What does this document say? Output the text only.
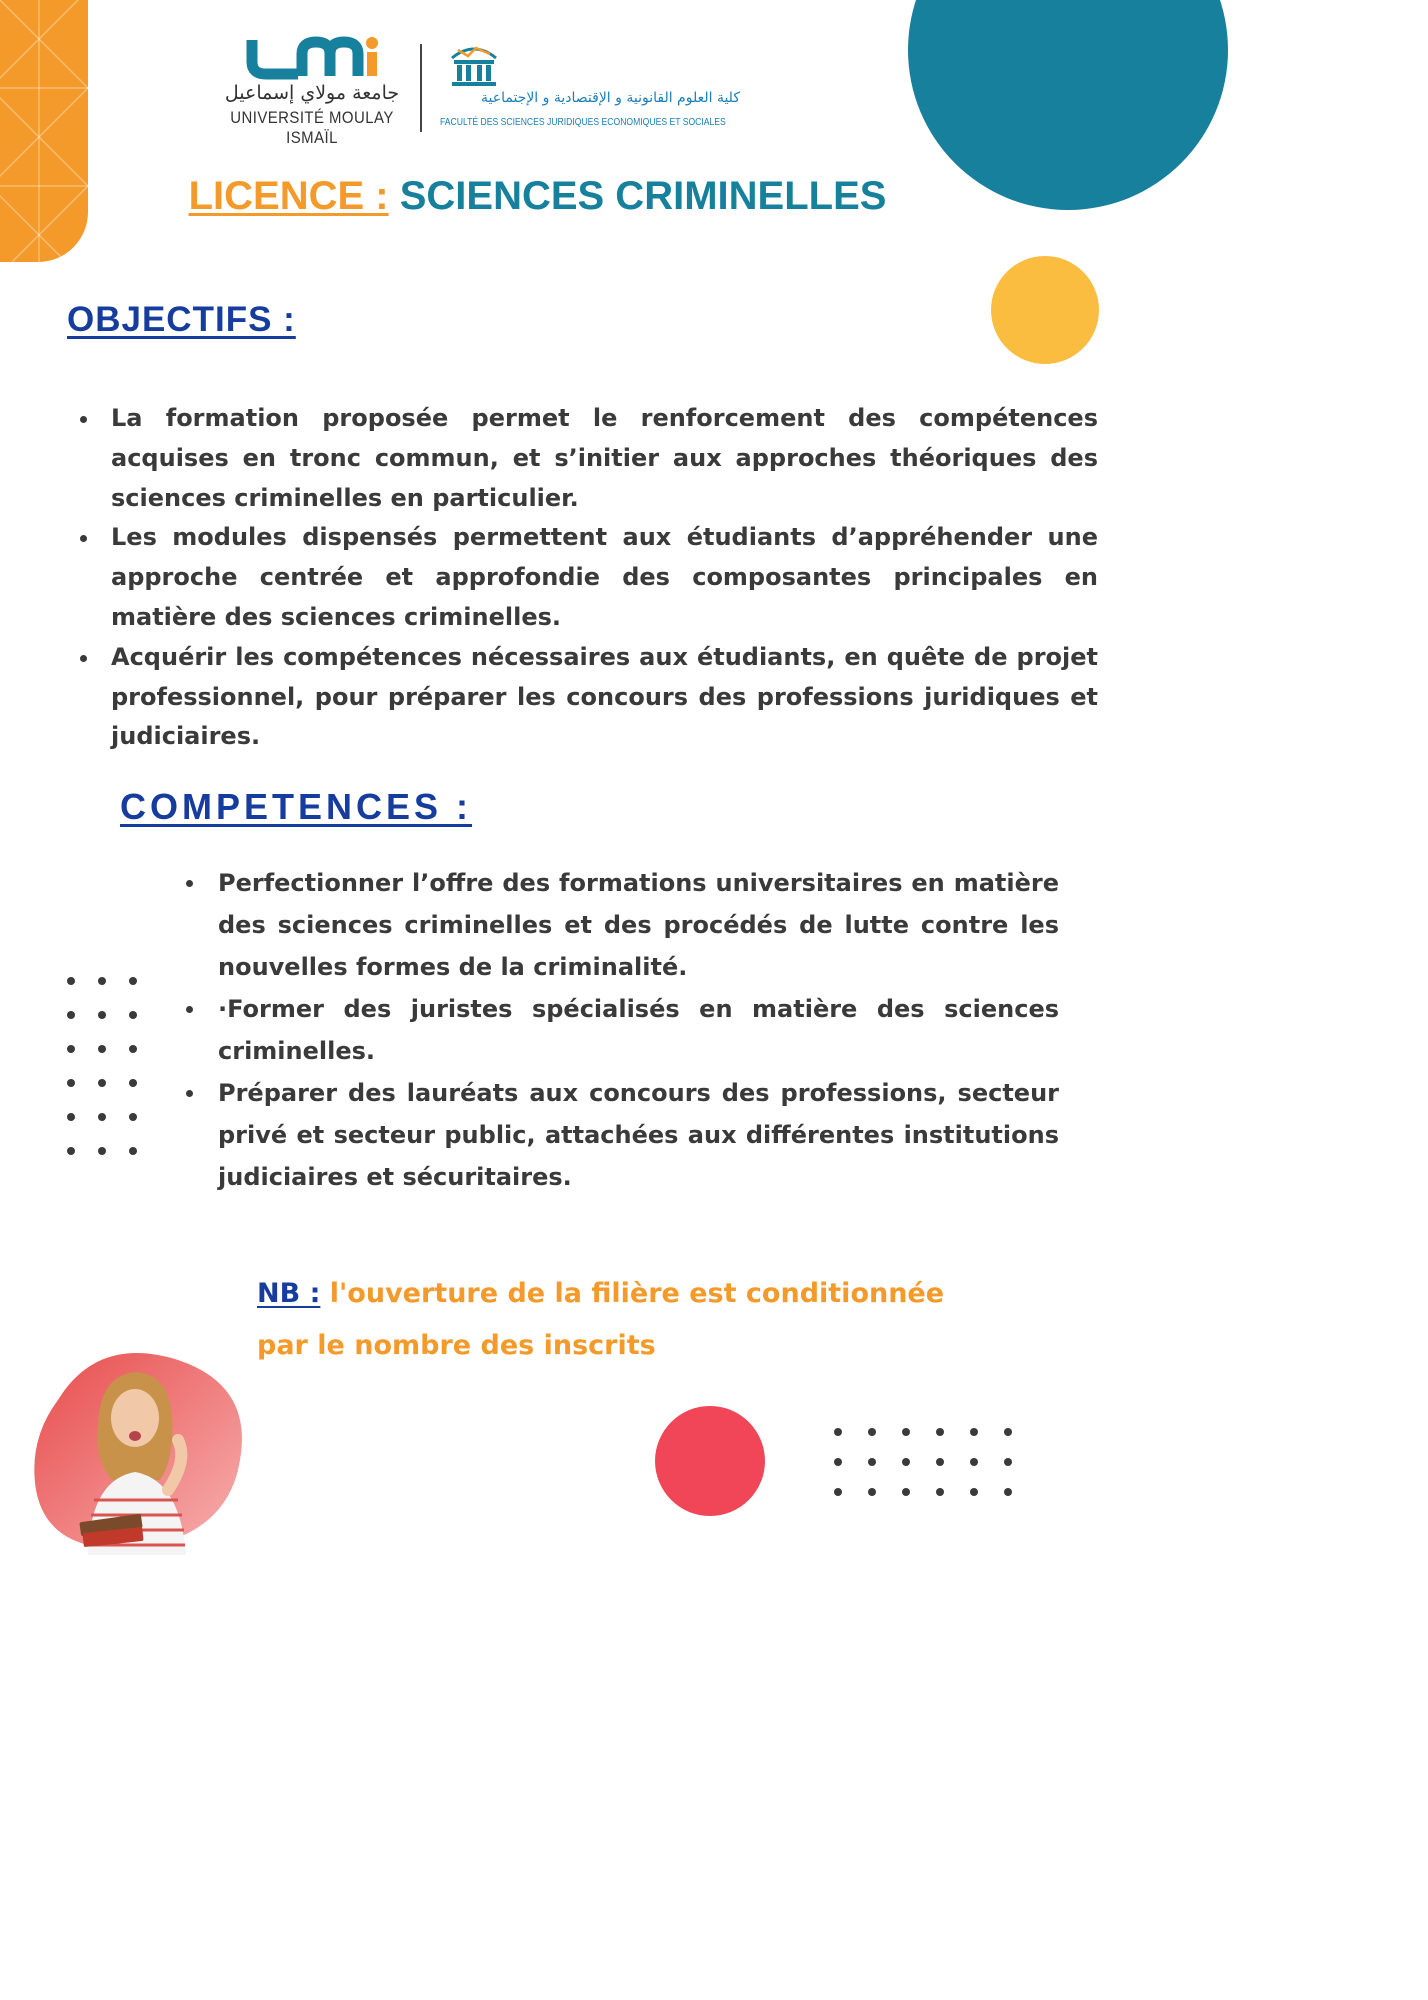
جامعة مولاي إسماعيل
UNIVERSITÉ MOULAY ISMAÏL
كلية العلوم القانونية و الإقتصادية و الإجتماعية
FACULTÉ DES SCIENCES JURIDIQUES ECONOMIQUES ET SOCIALES
LICENCE : SCIENCES CRIMINELLES
OBJECTIFS :
La formation proposée permet le renforcement des compétences acquises en tronc commun, et s’initier aux approches théoriques des sciences criminelles en particulier.
Les modules dispensés permettent aux étudiants d’appréhender une approche centrée et approfondie des composantes principales en matière des sciences criminelles.
Acquérir les compétences nécessaires aux étudiants, en quête de projet professionnel, pour préparer les concours des professions juridiques et judiciaires.
COMPETENCES :
Perfectionner l’offre des formations universitaires en matière des sciences criminelles et des procédés de lutte contre les nouvelles formes de la criminalité.
·Former des juristes spécialisés en matière des sciences criminelles.
Préparer des lauréats aux concours des professions, secteur privé et secteur public, attachées aux différentes institutions judiciaires et sécuritaires.
NB : l'ouverture de la filière est conditionnée par le nombre des inscrits
